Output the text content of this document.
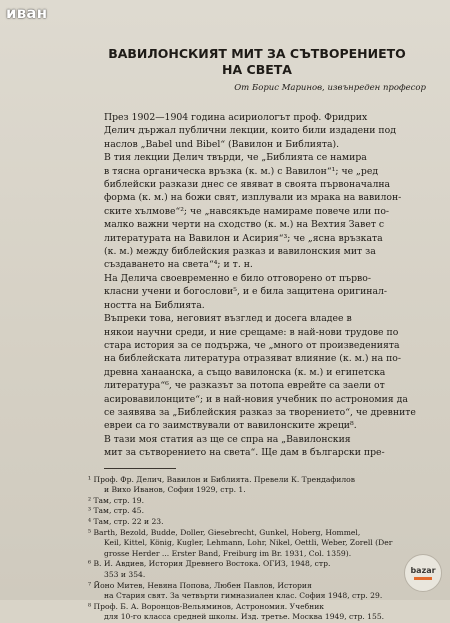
иван
ВАВИЛОНСКИЯТ МИТ ЗА СЪТВОРЕНИЕТО
НА СВЕТА
От Борис Маринов, извънреден професор

През 1902—1904 година асириологът проф. Фридрих
Делич държал публични лекции, които били издадени под
наслов „Babel und Bibel“ (Вавилон и Библията).

В тия лекции Делич твърди, че „Библията се намира
в тясна органическа връзка (к. м.) с Вавилон“¹; че „ред
библейски разкази днес се явяват в своята първоначална
форма (к. м.) на божи свят, изплували из мрака на вавилон-
ските хълмове“²; че „навсякъде намираме повече или по-
малко важни черти на сходство (к. м.) на Вехтия Завет с
литературата на Вавилон и Асирия“³; че „ясна връзката
(к. м.) между библейския разказ и вавилонския мит за
създаването на света“⁴; и т. н.

На Делича своевременно е било отговорено от първо-
класни учени и богослови⁵, и е била защитена оригинал-
ността на Библията.

Въпреки това, неговият възглед и досега владее в
някои научни среди, и ние срещаме: в най-нови трудове по
стара история за се подържа, че „много от произведенията
на библейската литература отразяват влияние (к. м.) на по-
древна ханаанска, а също вавилонска (к. м.) и египетска
литература“⁶, че разказът за потопа еврейте са заели от
асировавилонците“; и в най-новия учебник по астрономия да
се заявява за „Библейския разказ за творението“, че древните
евреи са го заимствували от вавилонските жреци⁸.

В тази моя статия аз ще се спра на „Вавилонския
мит за сътворението на света“. Ще дам в български пре-

¹ Проф. Фр. Делич, Вавилон и Библията. Превели К. Трендафилов
и Вихо Иванов, София 1929, стр. 1.
² Там, стр. 19.
³ Там, стр. 45.
⁴ Там, стр. 22 и 23.
⁵ Barth, Bezold, Budde, Doller, Giesebrecht, Gunkel, Hoberg, Hommel,
Keil, Kittel, König, Kugler, Lehmann, Lohr, Nikel, Oettli, Weber, Zorell (Der
grosse Herder ... Erster Band, Freiburg im Br. 1931, Col. 1359).
⁶ В. И. Авдиев, История Древнего Востока. ОГИЗ, 1948, стр.
353 и 354.
⁷ Йоно Митев, Невяна Попова, Любен Павлов, История
на Стария свят. За четвърти гимназиален клас. София 1948, стр. 29.
⁸ Проф. Б. А. Воронцов-Вельяминов, Астрономия. Учебник
для 10-го класса средней школы. Изд. третье. Москва 1949, стр. 155.
bazar
